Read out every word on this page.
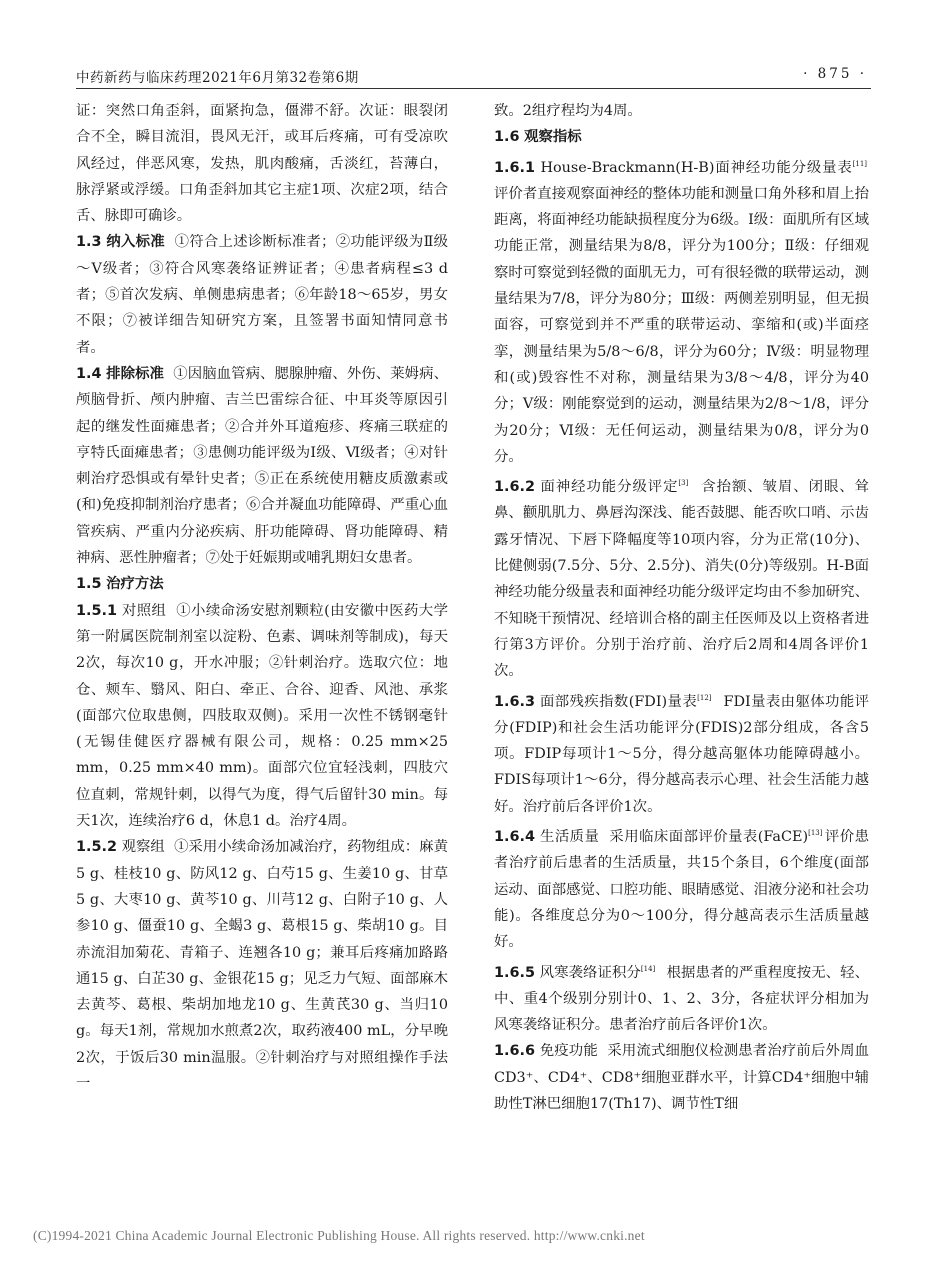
中药新药与临床药理2021年6月第32卷第6期	· 875 ·

证：突然口角歪斜，面紧拘急，僵滞不舒。次证：眼裂闭合不全，瞬目流泪，畏风无汗，或耳后疼痛，可有受凉吹风经过，伴恶风寒，发热，肌肉酸痛，舌淡红，苔薄白，脉浮紧或浮缓。口角歪斜加其它主症1项、次症2项，结合舌、脉即可确诊。

1.3 纳入标准 ①符合上述诊断标准者；②功能评级为Ⅱ级～Ⅴ级者；③符合风寒袭络证辨证者；④患者病程≤3 d者；⑤首次发病、单侧患病患者；⑥年龄18～65岁，男女不限；⑦被详细告知研究方案，且签署书面知情同意书者。

1.4 排除标准 ①因脑血管病、腮腺肿瘤、外伤、莱姆病、颅脑骨折、颅内肿瘤、吉兰巴雷综合征、中耳炎等原因引起的继发性面瘫患者；②合并外耳道疱疹、疼痛三联症的亨特氏面瘫患者；③患侧功能评级为Ⅰ级、Ⅵ级者；④对针刺治疗恐惧或有晕针史者；⑤正在系统使用糖皮质激素或(和)免疫抑制剂治疗患者；⑥合并凝血功能障碍、严重心血管疾病、严重内分泌疾病、肝功能障碍、肾功能障碍、精神病、恶性肿瘤者；⑦处于妊娠期或哺乳期妇女患者。

1.5 治疗方法

1.5.1 对照组 ①小续命汤安慰剂颗粒(由安徽中医药大学第一附属医院制剂室以淀粉、色素、调味剂等制成)，每天2次，每次10 g，开水冲服；②针刺治疗。选取穴位：地仓、颊车、翳风、阳白、牵正、合谷、迎香、风池、承浆(面部穴位取患侧，四肢取双侧)。采用一次性不锈钢毫针(无锡佳健医疗器械有限公司，规格：0.25 mm×25 mm，0.25 mm×40 mm)。面部穴位宜轻浅刺，四肢穴位直刺，常规针刺，以得气为度，得气后留针30 min。每天1次，连续治疗6 d，休息1 d。治疗4周。

1.5.2 观察组 ①采用小续命汤加减治疗，药物组成：麻黄5 g、桂枝10 g、防风12 g、白芍15 g、生姜10 g、甘草5 g、大枣10 g、黄芩10 g、川芎12 g、白附子10 g、人参10 g、僵蚕10 g、全蝎3 g、葛根15 g、柴胡10 g。目赤流泪加菊花、青箱子、连翘各10 g；兼耳后疼痛加路路通15 g、白芷30 g、金银花15 g；见乏力气短、面部麻木去黄芩、葛根、柴胡加地龙10 g、生黄芪30 g、当归10 g。每天1剂，常规加水煎煮2次，取药液400 mL，分早晚2次，于饭后30 min温服。②针刺治疗与对照组操作手法一

致。2组疗程均为4周。

1.6 观察指标

1.6.1 House-Brackmann(H-B)面神经功能分级量表[11] 评价者直接观察面神经的整体功能和测量口角外移和眉上抬距离，将面神经功能缺损程度分为6级。Ⅰ级：面肌所有区域功能正常，测量结果为8/8，评分为100分；Ⅱ级：仔细观察时可察觉到轻微的面肌无力，可有很轻微的联带运动，测量结果为7/8，评分为80分；Ⅲ级：两侧差别明显，但无损面容，可察觉到并不严重的联带运动、挛缩和(或)半面痉挛，测量结果为5/8～6/8，评分为60分；Ⅳ级：明显物理和(或)毁容性不对称，测量结果为3/8～4/8，评分为40分；Ⅴ级：刚能察觉到的运动，测量结果为2/8～1/8，评分为20分；Ⅵ级：无任何运动，测量结果为0/8，评分为0分。

1.6.2 面神经功能分级评定[3] 含抬额、皱眉、闭眼、耸鼻、颧肌肌力、鼻唇沟深浅、能否鼓腮、能否吹口哨、示齿露牙情况、下唇下降幅度等10项内容，分为正常(10分)、比健侧弱(7.5分、5分、2.5分)、消失(0分)等级别。H-B面神经功能分级量表和面神经功能分级评定均由不参加研究、不知晓干预情况、经培训合格的副主任医师及以上资格者进行第3方评价。分别于治疗前、治疗后2周和4周各评价1次。

1.6.3 面部残疾指数(FDI)量表[12] FDI量表由躯体功能评分(FDIP)和社会生活功能评分(FDIS)2部分组成，各含5项。FDIP每项计1～5分，得分越高躯体功能障碍越小。FDIS每项计1～6分，得分越高表示心理、社会生活能力越好。治疗前后各评价1次。

1.6.4 生活质量 采用临床面部评价量表(FaCE)[13] 评价患者治疗前后患者的生活质量，共15个条目，6个维度(面部运动、面部感觉、口腔功能、眼睛感觉、泪液分泌和社会功能)。各维度总分为0～100分，得分越高表示生活质量越好。

1.6.5 风寒袭络证积分[14] 根据患者的严重程度按无、轻、中、重4个级别分别计0、1、2、3分，各症状评分相加为风寒袭络证积分。患者治疗前后各评价1次。

1.6.6 免疫功能 采用流式细胞仪检测患者治疗前后外周血CD3⁺、CD4⁺、CD8⁺细胞亚群水平，计算CD4⁺细胞中辅助性T淋巴细胞17(Th17)、调节性T细

(C)1994-2021 China Academic Journal Electronic Publishing House. All rights reserved. http://www.cnki.net
